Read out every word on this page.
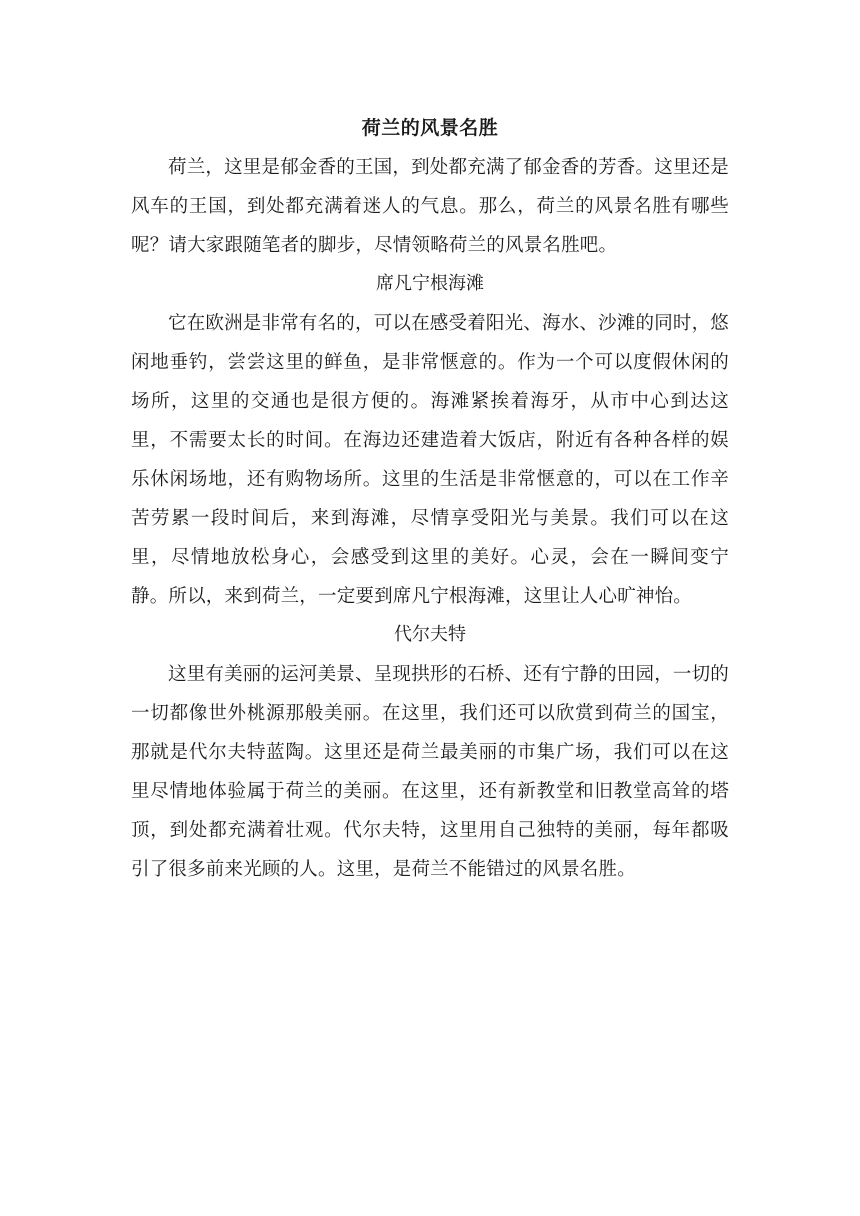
荷兰的风景名胜

荷兰，这里是郁金香的王国，到处都充满了郁金香的芳香。这里还是风车的王国，到处都充满着迷人的气息。那么，荷兰的风景名胜有哪些呢？请大家跟随笔者的脚步，尽情领略荷兰的风景名胜吧。

席凡宁根海滩

它在欧洲是非常有名的，可以在感受着阳光、海水、沙滩的同时，悠闲地垂钓，尝尝这里的鲜鱼，是非常惬意的。作为一个可以度假休闲的场所，这里的交通也是很方便的。海滩紧挨着海牙，从市中心到达这里，不需要太长的时间。在海边还建造着大饭店，附近有各种各样的娱乐休闲场地，还有购物场所。这里的生活是非常惬意的，可以在工作辛苦劳累一段时间后，来到海滩，尽情享受阳光与美景。我们可以在这里，尽情地放松身心，会感受到这里的美好。心灵，会在一瞬间变宁静。所以，来到荷兰，一定要到席凡宁根海滩，这里让人心旷神怡。

代尔夫特

这里有美丽的运河美景、呈现拱形的石桥、还有宁静的田园，一切的一切都像世外桃源那般美丽。在这里，我们还可以欣赏到荷兰的国宝，那就是代尔夫特蓝陶。这里还是荷兰最美丽的市集广场，我们可以在这里尽情地体验属于荷兰的美丽。在这里，还有新教堂和旧教堂高耸的塔顶，到处都充满着壮观。代尔夫特，这里用自己独特的美丽，每年都吸引了很多前来光顾的人。这里，是荷兰不能错过的风景名胜。
